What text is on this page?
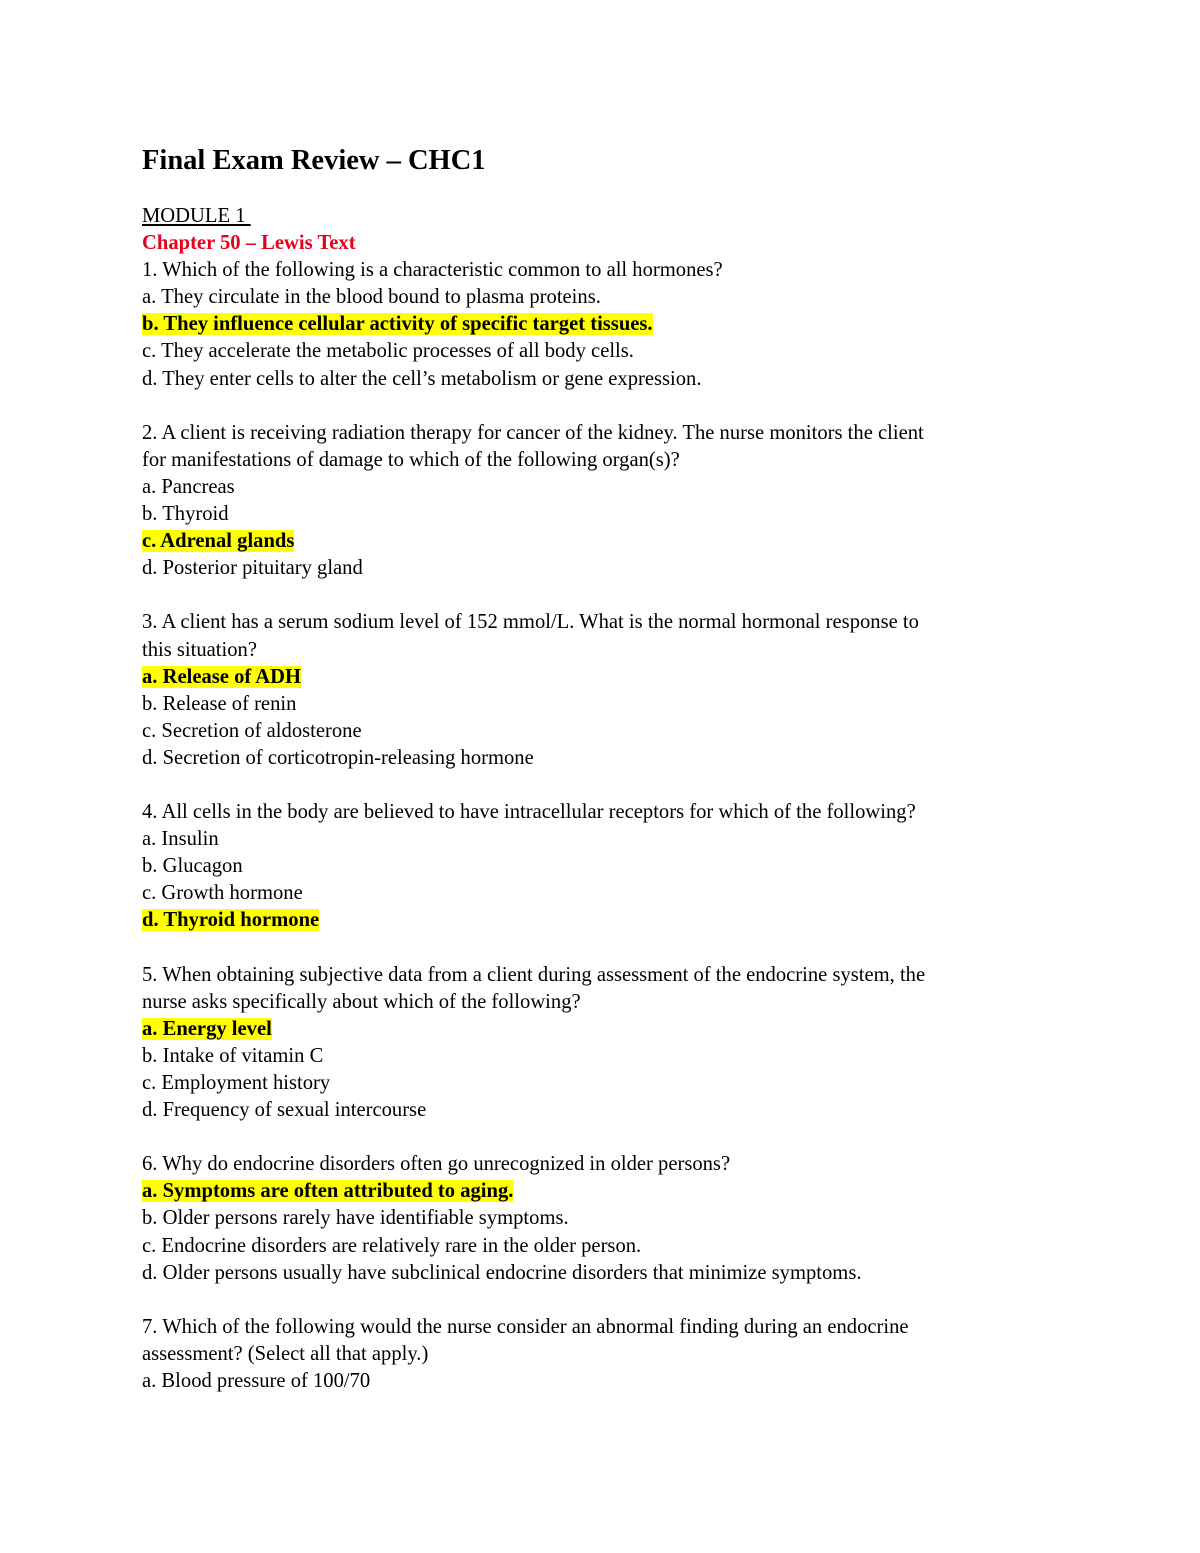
Final Exam Review – CHC1
MODULE 1
Chapter 50 – Lewis Text
1. Which of the following is a characteristic common to all hormones?
a. They circulate in the blood bound to plasma proteins.
b. They influence cellular activity of specific target tissues.
c. They accelerate the metabolic processes of all body cells.
d. They enter cells to alter the cell’s metabolism or gene expression.
2. A client is receiving radiation therapy for cancer of the kidney. The nurse monitors the client
for manifestations of damage to which of the following organ(s)?
a. Pancreas
b. Thyroid
c. Adrenal glands
d. Posterior pituitary gland
3. A client has a serum sodium level of 152 mmol/L. What is the normal hormonal response to
this situation?
a. Release of ADH
b. Release of renin
c. Secretion of aldosterone
d. Secretion of corticotropin-releasing hormone
4. All cells in the body are believed to have intracellular receptors for which of the following?
a. Insulin
b. Glucagon
c. Growth hormone
d. Thyroid hormone
5. When obtaining subjective data from a client during assessment of the endocrine system, the
nurse asks specifically about which of the following?
a. Energy level
b. Intake of vitamin C
c. Employment history
d. Frequency of sexual intercourse
6. Why do endocrine disorders often go unrecognized in older persons?
a. Symptoms are often attributed to aging.
b. Older persons rarely have identifiable symptoms.
c. Endocrine disorders are relatively rare in the older person.
d. Older persons usually have subclinical endocrine disorders that minimize symptoms.
7. Which of the following would the nurse consider an abnormal finding during an endocrine
assessment? (Select all that apply.)
a. Blood pressure of 100/70
